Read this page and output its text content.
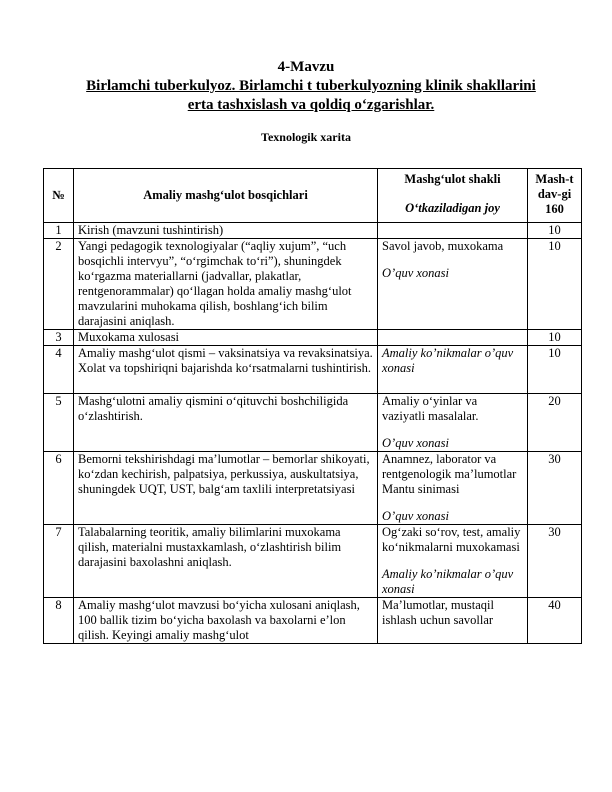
4-Mavzu
Birlamchi tuberkulyoz. Birlamchi t tuberkulyozning klinik shakllarini erta tashxislash va qoldiq o‘zgarishlar.
Texnologik xarita
№	Amaliy mashg‘ulot bosqichlari	Mashg‘ulot shakli
O‘tkaziladigan joy	Mash-t dav-gi 160
1	Kirish (mavzuni tushintirish)		10
2	Yangi pedagogik texnologiyalar (“aqliy xujum”, “uch bosqichli intervyu”, “o‘rgimchak to‘ri”), shuningdek ko‘rgazma materiallarni (jadvallar, plakatlar, rentgenorammalar) qo‘llagan holda amaliy mashg‘ulot mavzularini muhokama qilish, boshlang‘ich bilim darajasini aniqlash.	Savol javob, muxokama
O’quv xonasi	10
3	Muxokama xulosasi		10
4	Amaliy mashg‘ulot qismi – vaksinatsiya va revaksinatsiya. Xolat va topshiriqni bajarishda ko‘rsatmalarni tushintirish.	Amaliy ko’nikmalar o’quv xonasi	10
5	Mashg‘ulotni amaliy qismini o‘qituvchi boshchiligida o‘zlashtirish.	Amaliy o‘yinlar va vaziyatli masalalar.
O’quv xonasi	20
6	Bemorni tekshirishdagi ma’lumotlar – bemorlar shikoyati, ko‘zdan kechirish, palpatsiya, perkussiya, auskultatsiya, shuningdek UQT, UST, balg‘am taxlili interpretatsiyasi	Anamnez, laborator va rentgenologik ma’lumotlar
Mantu sinimasi
O’quv xonasi	30
7	Talabalarning teoritik, amaliy bilimlarini muxokama qilish, materialni mustaxkamlash, o‘zlashtirish bilim darajasini baxolashni aniqlash.	Og‘zaki so‘rov, test, amaliy ko‘nikmalarni muxokamasi
Amaliy ko’nikmalar o’quv xonasi	30
8	Amaliy mashg‘ulot mavzusi bo‘yicha xulosani aniqlash, 100 ballik tizim bo‘yicha baxolash va baxolarni e’lon qilish. Keyingi amaliy mashg‘ulot	Ma’lumotlar, mustaqil ishlash uchun savollar	40
